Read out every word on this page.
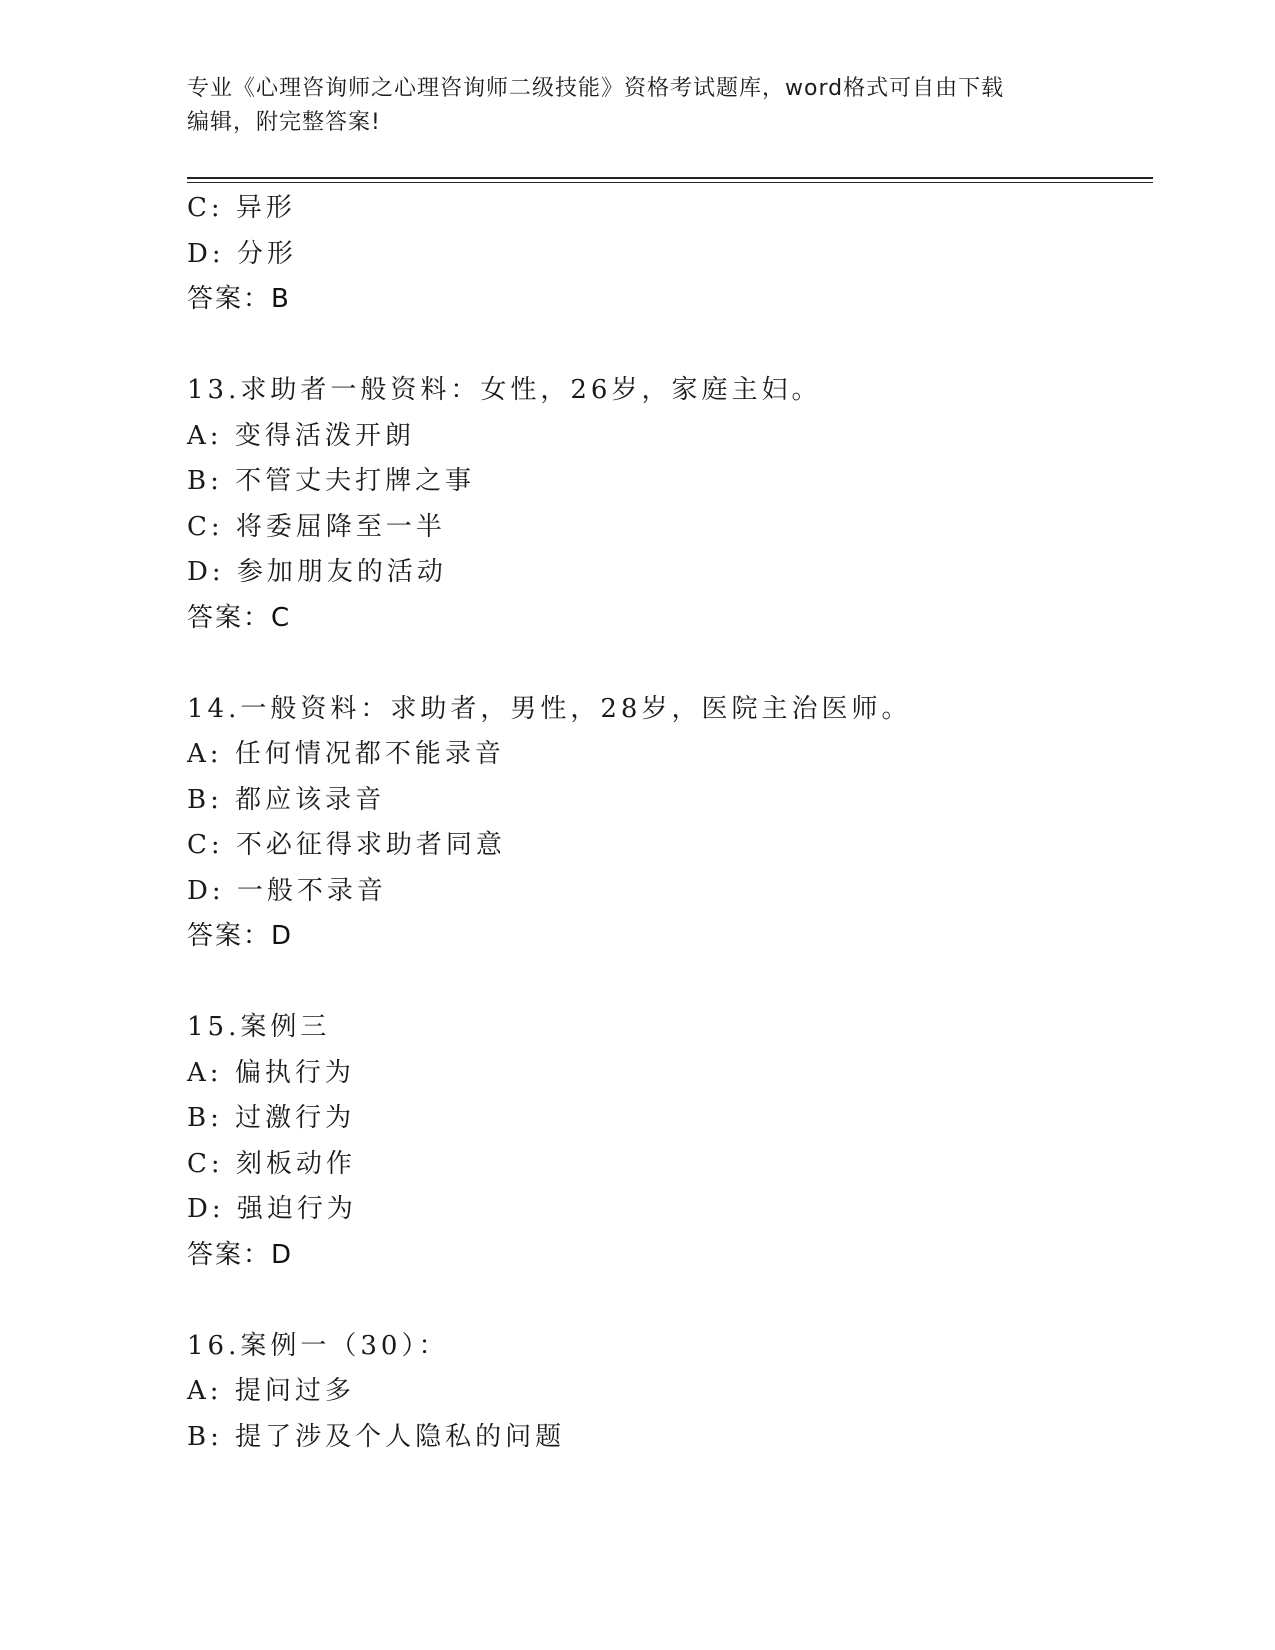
专业《心理咨询师之心理咨询师二级技能》资格考试题库，word格式可自由下载
编辑，附完整答案!
C: 异形
D: 分形
答案：B
13.求助者一般资料：女性，26岁，家庭主妇。
A: 变得活泼开朗
B: 不管丈夫打牌之事
C: 将委屈降至一半
D: 参加朋友的活动
答案：C
14.一般资料：求助者，男性，28岁，医院主治医师。
A: 任何情况都不能录音
B: 都应该录音
C: 不必征得求助者同意
D: 一般不录音
答案：D
15.案例三
A: 偏执行为
B: 过激行为
C: 刻板动作
D: 强迫行为
答案：D
16.案例一（30）：
A: 提问过多
B: 提了涉及个人隐私的问题
